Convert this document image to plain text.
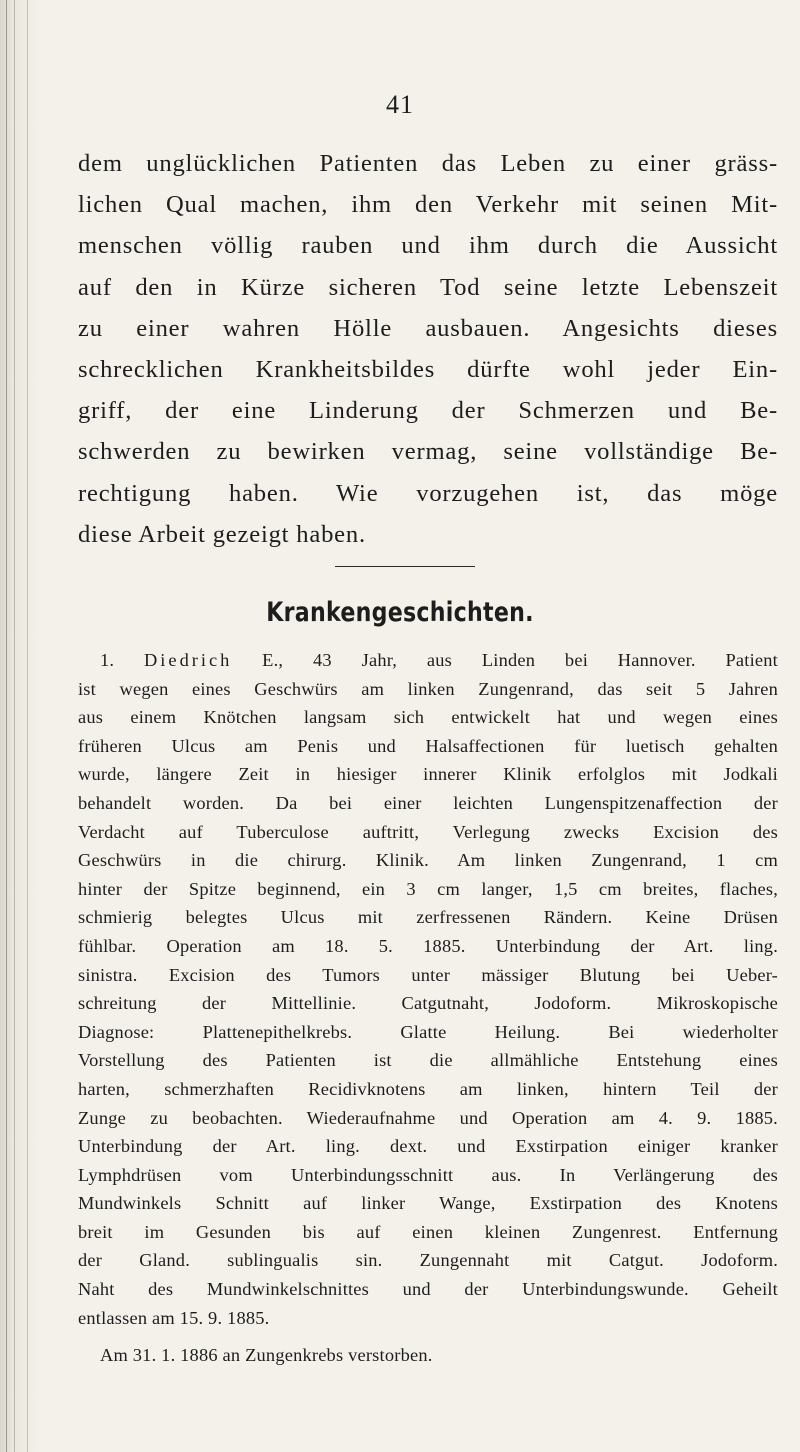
41

dem unglücklichen Patienten das Leben zu einer gräss-
lichen Qual machen, ihm den Verkehr mit seinen Mit-
menschen völlig rauben und ihm durch die Aussicht
auf den in Kürze sicheren Tod seine letzte Lebenszeit
zu einer wahren Hölle ausbauen. Angesichts dieses
schrecklichen Krankheitsbildes dürfte wohl jeder Ein-
griff, der eine Linderung der Schmerzen und Be-
schwerden zu bewirken vermag, seine vollständige Be-
rechtigung haben. Wie vorzugehen ist, das möge
diese Arbeit gezeigt haben.

Krankengeschichten.
1. Diedrich E., 43 Jahr, aus Linden bei Hannover. Patient
ist wegen eines Geschwürs am linken Zungenrand, das seit 5 Jahren
aus einem Knötchen langsam sich entwickelt hat und wegen eines
früheren Ulcus am Penis und Halsaffectionen für luetisch gehalten
wurde, längere Zeit in hiesiger innerer Klinik erfolglos mit Jodkali
behandelt worden. Da bei einer leichten Lungenspitzenaffection der
Verdacht auf Tuberculose auftritt, Verlegung zwecks Excision des
Geschwürs in die chirurg. Klinik. Am linken Zungenrand, 1 cm
hinter der Spitze beginnend, ein 3 cm langer, 1,5 cm breites, flaches,
schmierig belegtes Ulcus mit zerfressenen Rändern. Keine Drüsen
fühlbar. Operation am 18. 5. 1885. Unterbindung der Art. ling.
sinistra. Excision des Tumors unter mässiger Blutung bei Ueber-
schreitung der Mittellinie. Catgutnaht, Jodoform. Mikroskopische
Diagnose: Plattenepithelkrebs. Glatte Heilung. Bei wiederholter
Vorstellung des Patienten ist die allmähliche Entstehung eines
harten, schmerzhaften Recidivknotens am linken, hintern Teil der
Zunge zu beobachten. Wiederaufnahme und Operation am 4. 9. 1885.
Unterbindung der Art. ling. dext. und Exstirpation einiger kranker
Lymphdrüsen vom Unterbindungsschnitt aus. In Verlängerung des
Mundwinkels Schnitt auf linker Wange, Exstirpation des Knotens
breit im Gesunden bis auf einen kleinen Zungenrest. Entfernung
der Gland. sublingualis sin. Zungennaht mit Catgut. Jodoform.
Naht des Mundwinkelschnittes und der Unterbindungswunde. Geheilt
entlassen am 15. 9. 1885.
Am 31. 1. 1886 an Zungenkrebs verstorben.
